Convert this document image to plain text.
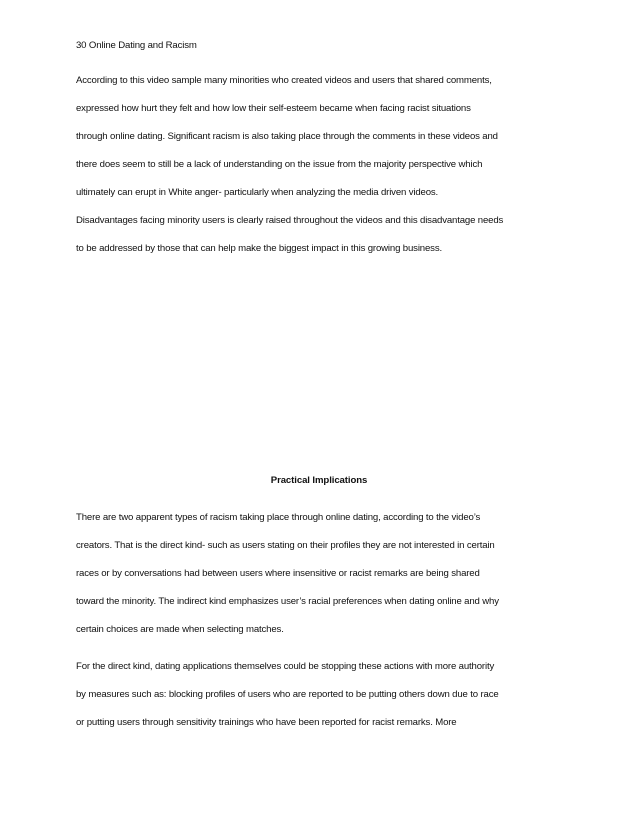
30 Online Dating and Racism
According to this video sample many minorities who created videos and users that shared comments,
expressed how hurt they felt and how low their self-esteem became when facing racist situations
through online dating. Significant racism is also taking place through the comments in these videos and
there does seem to still be a lack of understanding on the issue from the majority perspective which
ultimately can erupt in White anger- particularly when analyzing the media driven videos.
Disadvantages facing minority users is clearly raised throughout the videos and this disadvantage needs
to be addressed by those that can help make the biggest impact in this growing business.
Practical Implications
There are two apparent types of racism taking place through online dating, according to the video’s
creators. That is the direct kind- such as users stating on their profiles they are not interested in certain
races or by conversations had between users where insensitive or racist remarks are being shared
toward the minority. The indirect kind emphasizes user’s racial preferences when dating online and why
certain choices are made when selecting matches.
For the direct kind, dating applications themselves could be stopping these actions with more authority
by measures such as: blocking profiles of users who are reported to be putting others down due to race
or putting users through sensitivity trainings who have been reported for racist remarks. More
